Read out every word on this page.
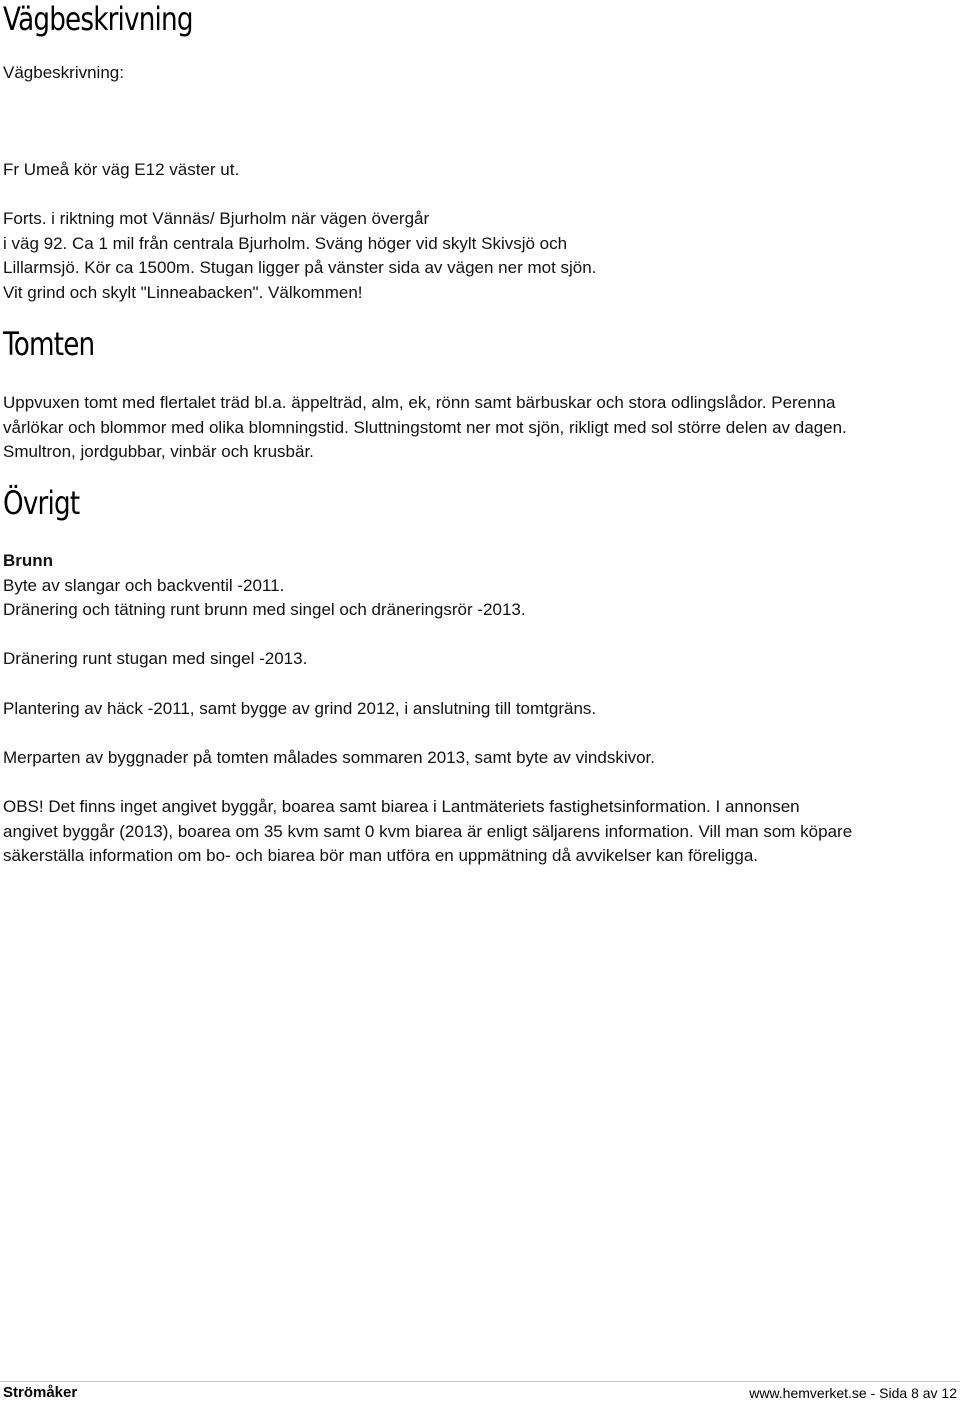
Vägbeskrivning
Vägbeskrivning:
Fr Umeå kör väg E12 väster ut.

Forts. i riktning mot Vännäs/ Bjurholm när vägen övergår

i väg 92. Ca 1 mil från centrala Bjurholm. Sväng höger vid skylt Skivsjö och

Lillarmsjö. Kör ca 1500m. Stugan ligger på vänster sida av vägen ner mot sjön.

Vit grind och skylt "Linneabacken". Välkommen!

Tomten

Uppvuxen tomt med flertalet träd bl.a. äppelträd, alm, ek, rönn samt bärbuskar och stora odlingslådor. Perenna

vårlökar och blommor med olika blomningstid. Sluttningstomt ner mot sjön, rikligt med sol större delen av dagen.

Smultron, jordgubbar, vinbär och krusbär.

Övrigt
Brunn
Byte av slangar och backventil -2011.
Dränering och tätning runt brunn med singel och dräneringsrör -2013.
Dränering runt stugan med singel -2013.
Plantering av häck -2011, samt bygge av grind 2012, i anslutning till tomtgräns.
Merparten av byggnader på tomten målades sommaren 2013, samt byte av vindskivor.

OBS! Det finns inget angivet byggår, boarea samt biarea i Lantmäteriets fastighetsinformation. I annonsen

angivet byggår (2013), boarea om 35 kvm samt 0 kvm biarea är enligt säljarens information. Vill man som köpare

säkerställa information om bo- och biarea bör man utföra en uppmätning då avvikelser kan föreligga.

Strömåker	www.hemverket.se - Sida 8 av 12
